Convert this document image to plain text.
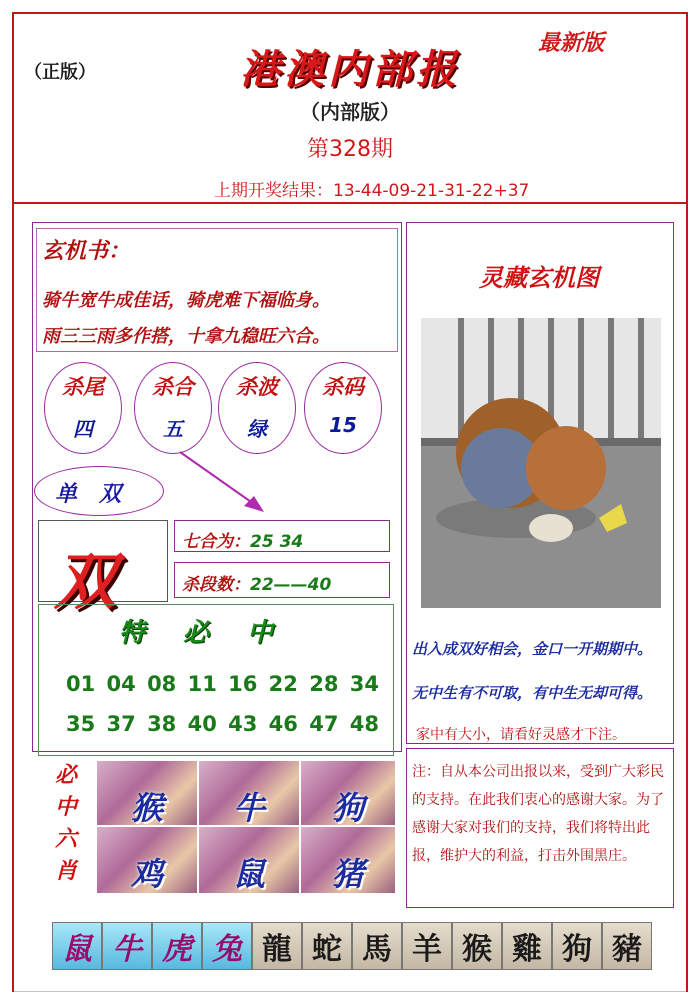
（正版）
最新版
港澳内部报
（内部版）
第328期
上期开奖结果：13-44-09-21-31-22+37
玄机书：
骑牛宽牛成佳话，骑虎难下福临身。
雨三三雨多作搭，十拿九稳旺六合。
杀尾
四
杀合
五
杀波
绿
杀码
15
单双
双
七合为：25 34
杀段数：22——40
特必中
01 04 08 11 16 22 28 34
35 37 38 40 43 46 47 48
必中六肖
猴	牛	狗
鸡	鼠	猪
灵藏玄机图
出入成双好相会，金口一开期期中。
无中生有不可取，有中生无却可得。
家中有大小，请看好灵感才下注。
注：自从本公司出报以来，受到广大彩民的支持。在此我们衷心的感谢大家。为了感谢大家对我们的支持，我们将特出此报，维护大的利益，打击外围黑庄。
鼠 牛 虎 兔 龍 蛇 馬 羊 猴 雞 狗 豬
